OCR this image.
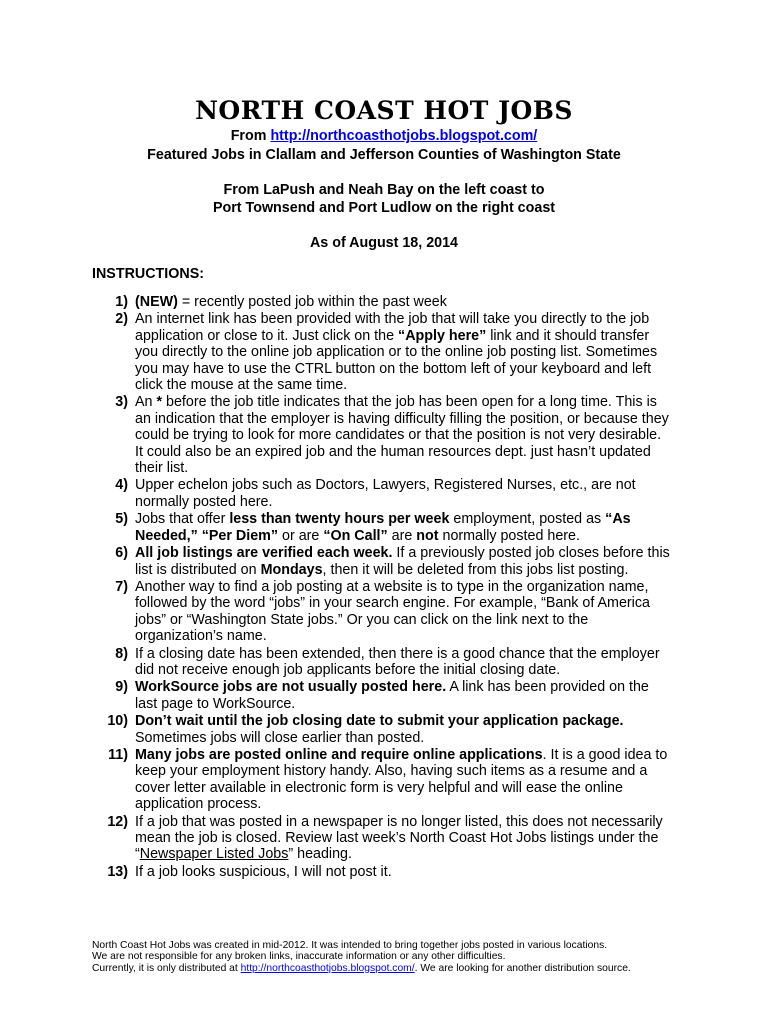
NORTH COAST HOT JOBS
From http://northcoasthotjobs.blogspot.com/
Featured Jobs in Clallam and Jefferson Counties of Washington State
From LaPush and Neah Bay on the left coast to
Port Townsend and Port Ludlow on the right coast
As of August 18, 2014
INSTRUCTIONS:

1) (NEW) = recently posted job within the past week

2) An internet link has been provided with the job that will take you directly to the job application or close to it. Just click on the “Apply here” link and it should transfer you directly to the online job application or to the online job posting list. Sometimes you may have to use the CTRL button on the bottom left of your keyboard and left click the mouse at the same time.

3) An * before the job title indicates that the job has been open for a long time. This is an indication that the employer is having difficulty filling the position, or because they could be trying to look for more candidates or that the position is not very desirable. It could also be an expired job and the human resources dept. just hasn’t updated their list.

4) Upper echelon jobs such as Doctors, Lawyers, Registered Nurses, etc., are not normally posted here.

5) Jobs that offer less than twenty hours per week employment, posted as “As Needed,” “Per Diem” or are “On Call” are not normally posted here.

6) All job listings are verified each week. If a previously posted job closes before this list is distributed on Mondays, then it will be deleted from this jobs list posting.

7) Another way to find a job posting at a website is to type in the organization name, followed by the word “jobs” in your search engine. For example, “Bank of America jobs” or “Washington State jobs.” Or you can click on the link next to the organization’s name.

8) If a closing date has been extended, then there is a good chance that the employer did not receive enough job applicants before the initial closing date.

9) WorkSource jobs are not usually posted here. A link has been provided on the last page to WorkSource.

10) Don’t wait until the job closing date to submit your application package. Sometimes jobs will close earlier than posted.

11) Many jobs are posted online and require online applications. It is a good idea to keep your employment history handy. Also, having such items as a resume and a cover letter available in electronic form is very helpful and will ease the online application process.

12) If a job that was posted in a newspaper is no longer listed, this does not necessarily mean the job is closed. Review last week’s North Coast Hot Jobs listings under the “Newspaper Listed Jobs” heading.

13) If a job looks suspicious, I will not post it.

North Coast Hot Jobs was created in mid-2012. It was intended to bring together jobs posted in various locations.
We are not responsible for any broken links, inaccurate information or any other difficulties.
Currently, it is only distributed at http://northcoasthotjobs.blogspot.com/. We are looking for another distribution source.
